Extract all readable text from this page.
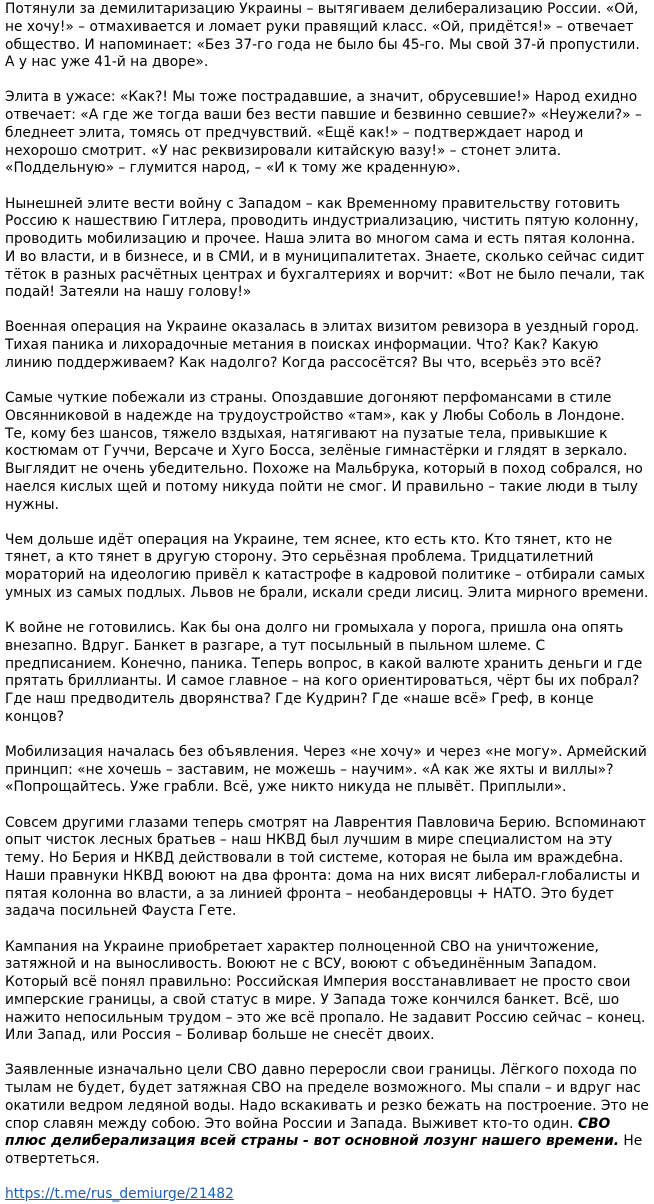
Потянули за демилитаризацию Украины – вытягиваем делиберализацию России. «Ой, не хочу!» – отмахивается и ломает руки правящий класс. «Ой, придётся!» – отвечает общество. И напоминает: «Без 37-го года не было бы 45-го. Мы свой 37-й пропустили. А у нас уже 41-й на дворе».

Элита в ужасе: «Как?! Мы тоже пострадавшие, а значит, обрусевшие!» Народ ехидно отвечает: «А где же тогда ваши без вести павшие и безвинно севшие?» «Неужели?» – бледнеет элита, томясь от предчувствий. «Ещё как!» – подтверждает народ и нехорошо смотрит. «У нас реквизировали китайскую вазу!» – стонет элита. «Поддельную» – глумится народ, – «И к тому же краденную».

Нынешней элите вести войну с Западом – как Временному правительству готовить Россию к нашествию Гитлера, проводить индустриализацию, чистить пятую колонну, проводить мобилизацию и прочее. Наша элита во многом сама и есть пятая колонна. И во власти, и в бизнесе, и в СМИ, и в муниципалитетах. Знаете, сколько сейчас сидит тёток в разных расчётных центрах и бухгалтериях и ворчит: «Вот не было печали, так подай! Затеяли на нашу голову!»

Военная операция на Украине оказалась в элитах визитом ревизора в уездный город. Тихая паника и лихорадочные метания в поисках информации. Что? Как? Какую линию поддерживаем? Как надолго? Когда рассосётся? Вы что, всерьёз это всё?

Самые чуткие побежали из страны. Опоздавшие догоняют перфомансами в стиле Овсянниковой в надежде на трудоустройство «там», как у Любы Соболь в Лондоне. Те, кому без шансов, тяжело вздыхая, натягивают на пузатые тела, привыкшие к костюмам от Гуччи, Версаче и Хуго Босса, зелёные гимнастёрки и глядят в зеркало. Выглядит не очень убедительно. Похоже на Мальбрука, который в поход собрался, но наелся кислых щей и потому никуда пойти не смог. И правильно – такие люди в тылу нужны.

Чем дольше идёт операция на Украине, тем яснее, кто есть кто. Кто тянет, кто не тянет, а кто тянет в другую сторону. Это серьёзная проблема. Тридцатилетний мораторий на идеологию привёл к катастрофе в кадровой политике – отбирали самых умных из самых подлых. Львов не брали, искали среди лисиц. Элита мирного времени.

К войне не готовились. Как бы она долго ни громыхала у порога, пришла она опять внезапно. Вдруг. Банкет в разгаре, а тут посыльный в пыльном шлеме. С предписанием. Конечно, паника. Теперь вопрос, в какой валюте хранить деньги и где прятать бриллианты. И самое главное – на кого ориентироваться, чёрт бы их побрал? Где наш предводитель дворянства? Где Кудрин? Где «наше всё» Греф, в конце концов?

Мобилизация началась без объявления. Через «не хочу» и через «не могу». Армейский принцип: «не хочешь – заставим, не можешь – научим». «А как же яхты и виллы»? «Попрощайтесь. Уже грабли. Всё, уже никто никуда не плывёт. Приплыли».

Совсем другими глазами теперь смотрят на Лаврентия Павловича Берию. Вспоминают опыт чисток лесных братьев – наш НКВД был лучшим в мире специалистом на эту тему. Но Берия и НКВД действовали в той системе, которая не была им враждебна. Наши правнуки НКВД воюют на два фронта: дома на них висят либерал-глобалисты и пятая колонна во власти, а за линией фронта – необандеровцы + НАТО. Это будет задача посильней Фауста Гете.

Кампания на Украине приобретает характер полноценной СВО на уничтожение, затяжной и на выносливость. Воюют не с ВСУ, воюют с объединённым Западом. Который всё понял правильно: Российская Империя восстанавливает не просто свои имперские границы, а свой статус в мире. У Запада тоже кончился банкет. Всё, шо нажито непосильным трудом – это же всё пропало. Не задавит Россию сейчас – конец. Или Запад, или Россия – Боливар больше не снесёт двоих.

Заявленные изначально цели СВО давно переросли свои границы. Лёгкого похода по тылам не будет, будет затяжная СВО на пределе возможного. Мы спали – и вдруг нас окатили ведром ледяной воды. Надо вскакивать и резко бежать на построение. Это не спор славян между собою. Это война России и Запада. Выживет кто-то один. СВО плюс делиберализация всей страны - вот основной лозунг нашего времени. Не отвертеться.

https://t.me/rus_demiurge/21482
